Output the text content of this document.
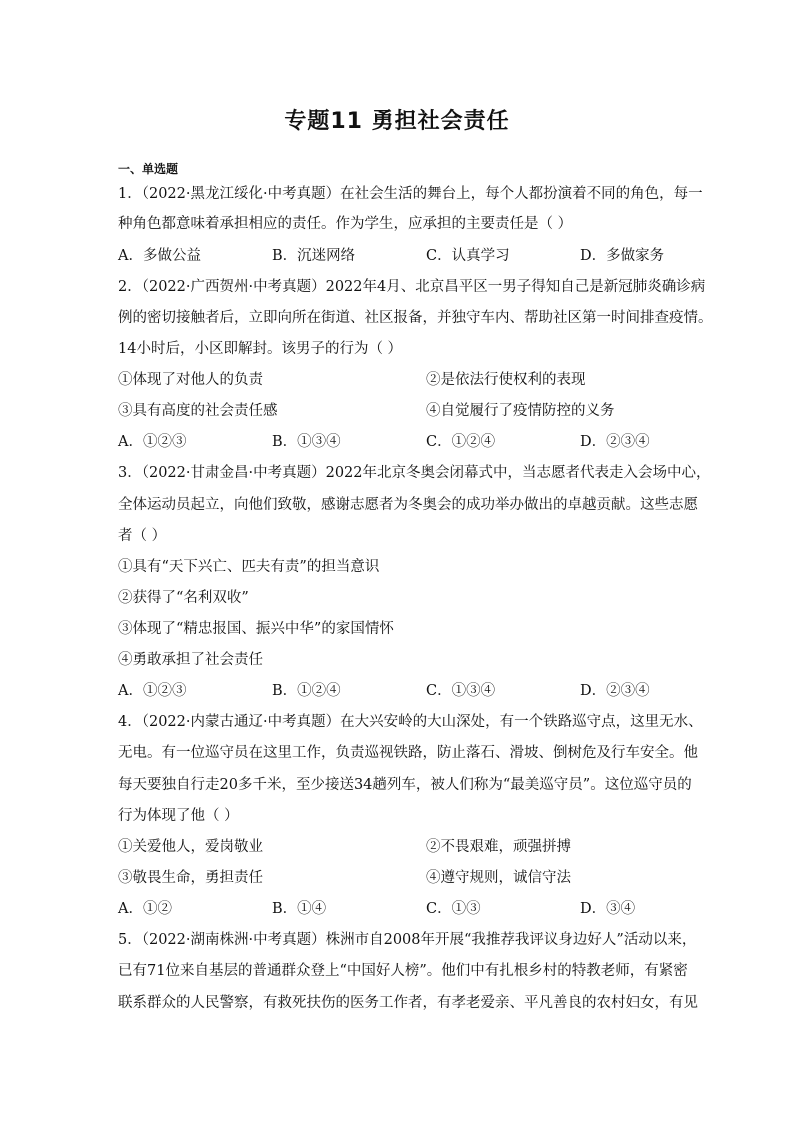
专题11 勇担社会责任
一、单选题
1．（2022·黑龙江绥化·中考真题）在社会生活的舞台上，每个人都扮演着不同的角色，每一
种角色都意味着承担相应的责任。作为学生，应承担的主要责任是（ ）
A．多做公益	B．沉迷网络	C．认真学习	D．多做家务
2．（2022·广西贺州·中考真题）2022年4月、北京昌平区一男子得知自己是新冠肺炎确诊病
例的密切接触者后，立即向所在街道、社区报备，并独守车内、帮助社区第一时间排查疫情。
14小时后，小区即解封。该男子的行为（ ）
①体现了对他人的负责	②是依法行使权利的表现
③具有高度的社会责任感	④自觉履行了疫情防控的义务
A．①②③	B．①③④	C．①②④	D．②③④
3．（2022·甘肃金昌·中考真题）2022年北京冬奥会闭幕式中，当志愿者代表走入会场中心，
全体运动员起立，向他们致敬，感谢志愿者为冬奥会的成功举办做出的卓越贡献。这些志愿
者（ ）
①具有“天下兴亡、匹夫有责”的担当意识
②获得了“名利双收”
③体现了“精忠报国、振兴中华”的家国情怀
④勇敢承担了社会责任
A．①②③	B．①②④	C．①③④	D．②③④
4．（2022·内蒙古通辽·中考真题）在大兴安岭的大山深处，有一个铁路巡守点，这里无水、
无电。有一位巡守员在这里工作，负责巡视铁路，防止落石、滑坡、倒树危及行车安全。他
每天要独自行走20多千米，至少接送34趟列车，被人们称为“最美巡守员”。这位巡守员的
行为体现了他（ ）
①关爱他人，爱岗敬业	②不畏艰难，顽强拼搏
③敬畏生命，勇担责任	④遵守规则，诚信守法
A．①②	B．①④	C．①③	D．③④
5．（2022·湖南株洲·中考真题）株洲市自2008年开展“我推荐我评议身边好人”活动以来，
已有71位来自基层的普通群众登上“中国好人榜”。他们中有扎根乡村的特教老师，有紧密
联系群众的人民警察，有救死扶伤的医务工作者，有孝老爱亲、平凡善良的农村妇女，有见
